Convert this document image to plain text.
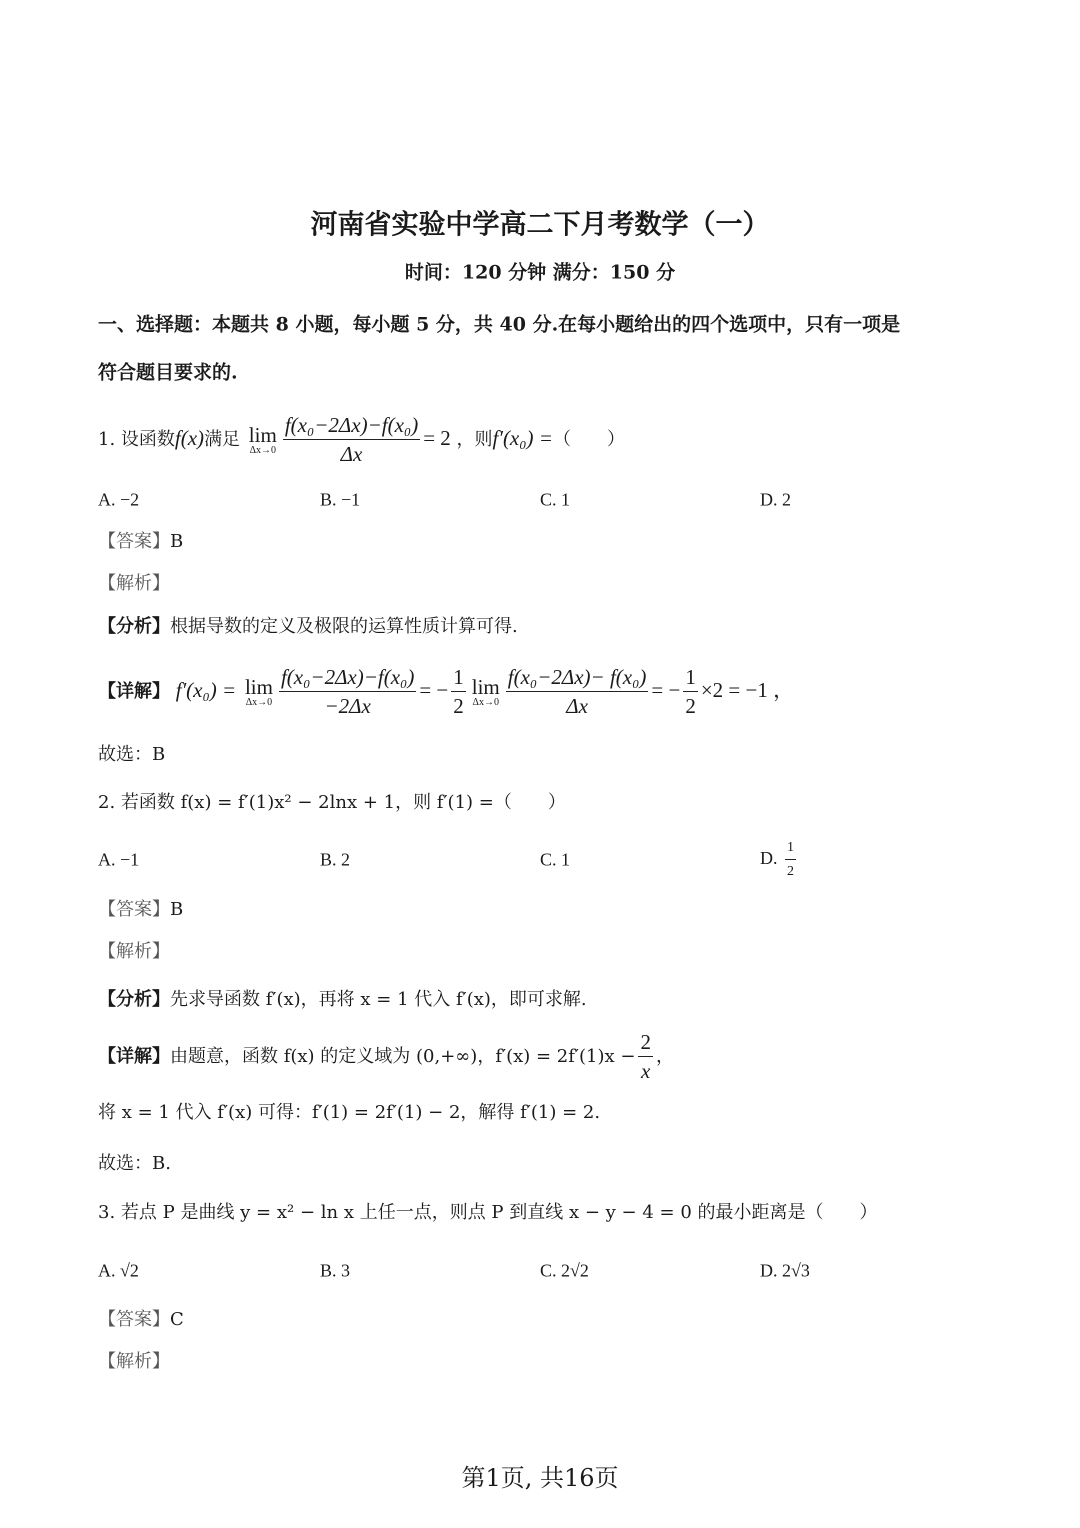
河南省实验中学高二下月考数学（一）
时间：120 分钟 满分：150 分
一、选择题：本题共 8 小题，每小题 5 分，共 40 分.在每小题给出的四个选项中，只有一项是
符合题目要求的.
1. 设函数f(x)满足 lim
$\Delta x\to 0 \frac{\text{f(x₀−2Δx)−f(x₀)}}{\Delta x} = 2$ ，则f′(x₀) =（　　）
A. −2	B. −1	C. 1	D. 2
【答案】B
【解析】
【分析】根据导数的定义及极限的运算性质计算可得.
【详解】 f′(x₀) = lim
$\Delta x\to 0 \frac{\text{f(x₀−2Δx)−f(x₀)}}{-2\Delta x}$ = − $\frac{1}{2}$ lim
$\Delta x\to 0 \frac{\text{f(x₀−2Δx)− f(x₀)}}{\Delta x}$ = − $\frac{1}{2} \times 2 = -1$ ，
故选：B
2. 若函数 f(x) = f′(1)x² − 2lnx + 1，则 f′(1) =（　　）
A. −1	B. 2	C. 1	D. $\frac{1}{2}$
【答案】B
【解析】
【分析】先求导函数 f′(x)，再将 x = 1 代入 f′(x)，即可求解.
【详解】由题意，函数 f(x) 的定义域为 (0,+∞)，$f'(x) = 2f'(1)x - \frac{2}{x}$ ，
将 x = 1 代入 f′(x) 可得：f′(1) = 2f′(1) − 2，解得 f′(1) = 2.
故选：B.
3. 若点 P 是曲线 y = x² − ln x 上任一点，则点 P 到直线 x − y − 4 = 0 的最小距离是（　　）
A. √2	B. 3	C. 2√2	D. 2√3
【答案】C
【解析】
第1页, 共16页
